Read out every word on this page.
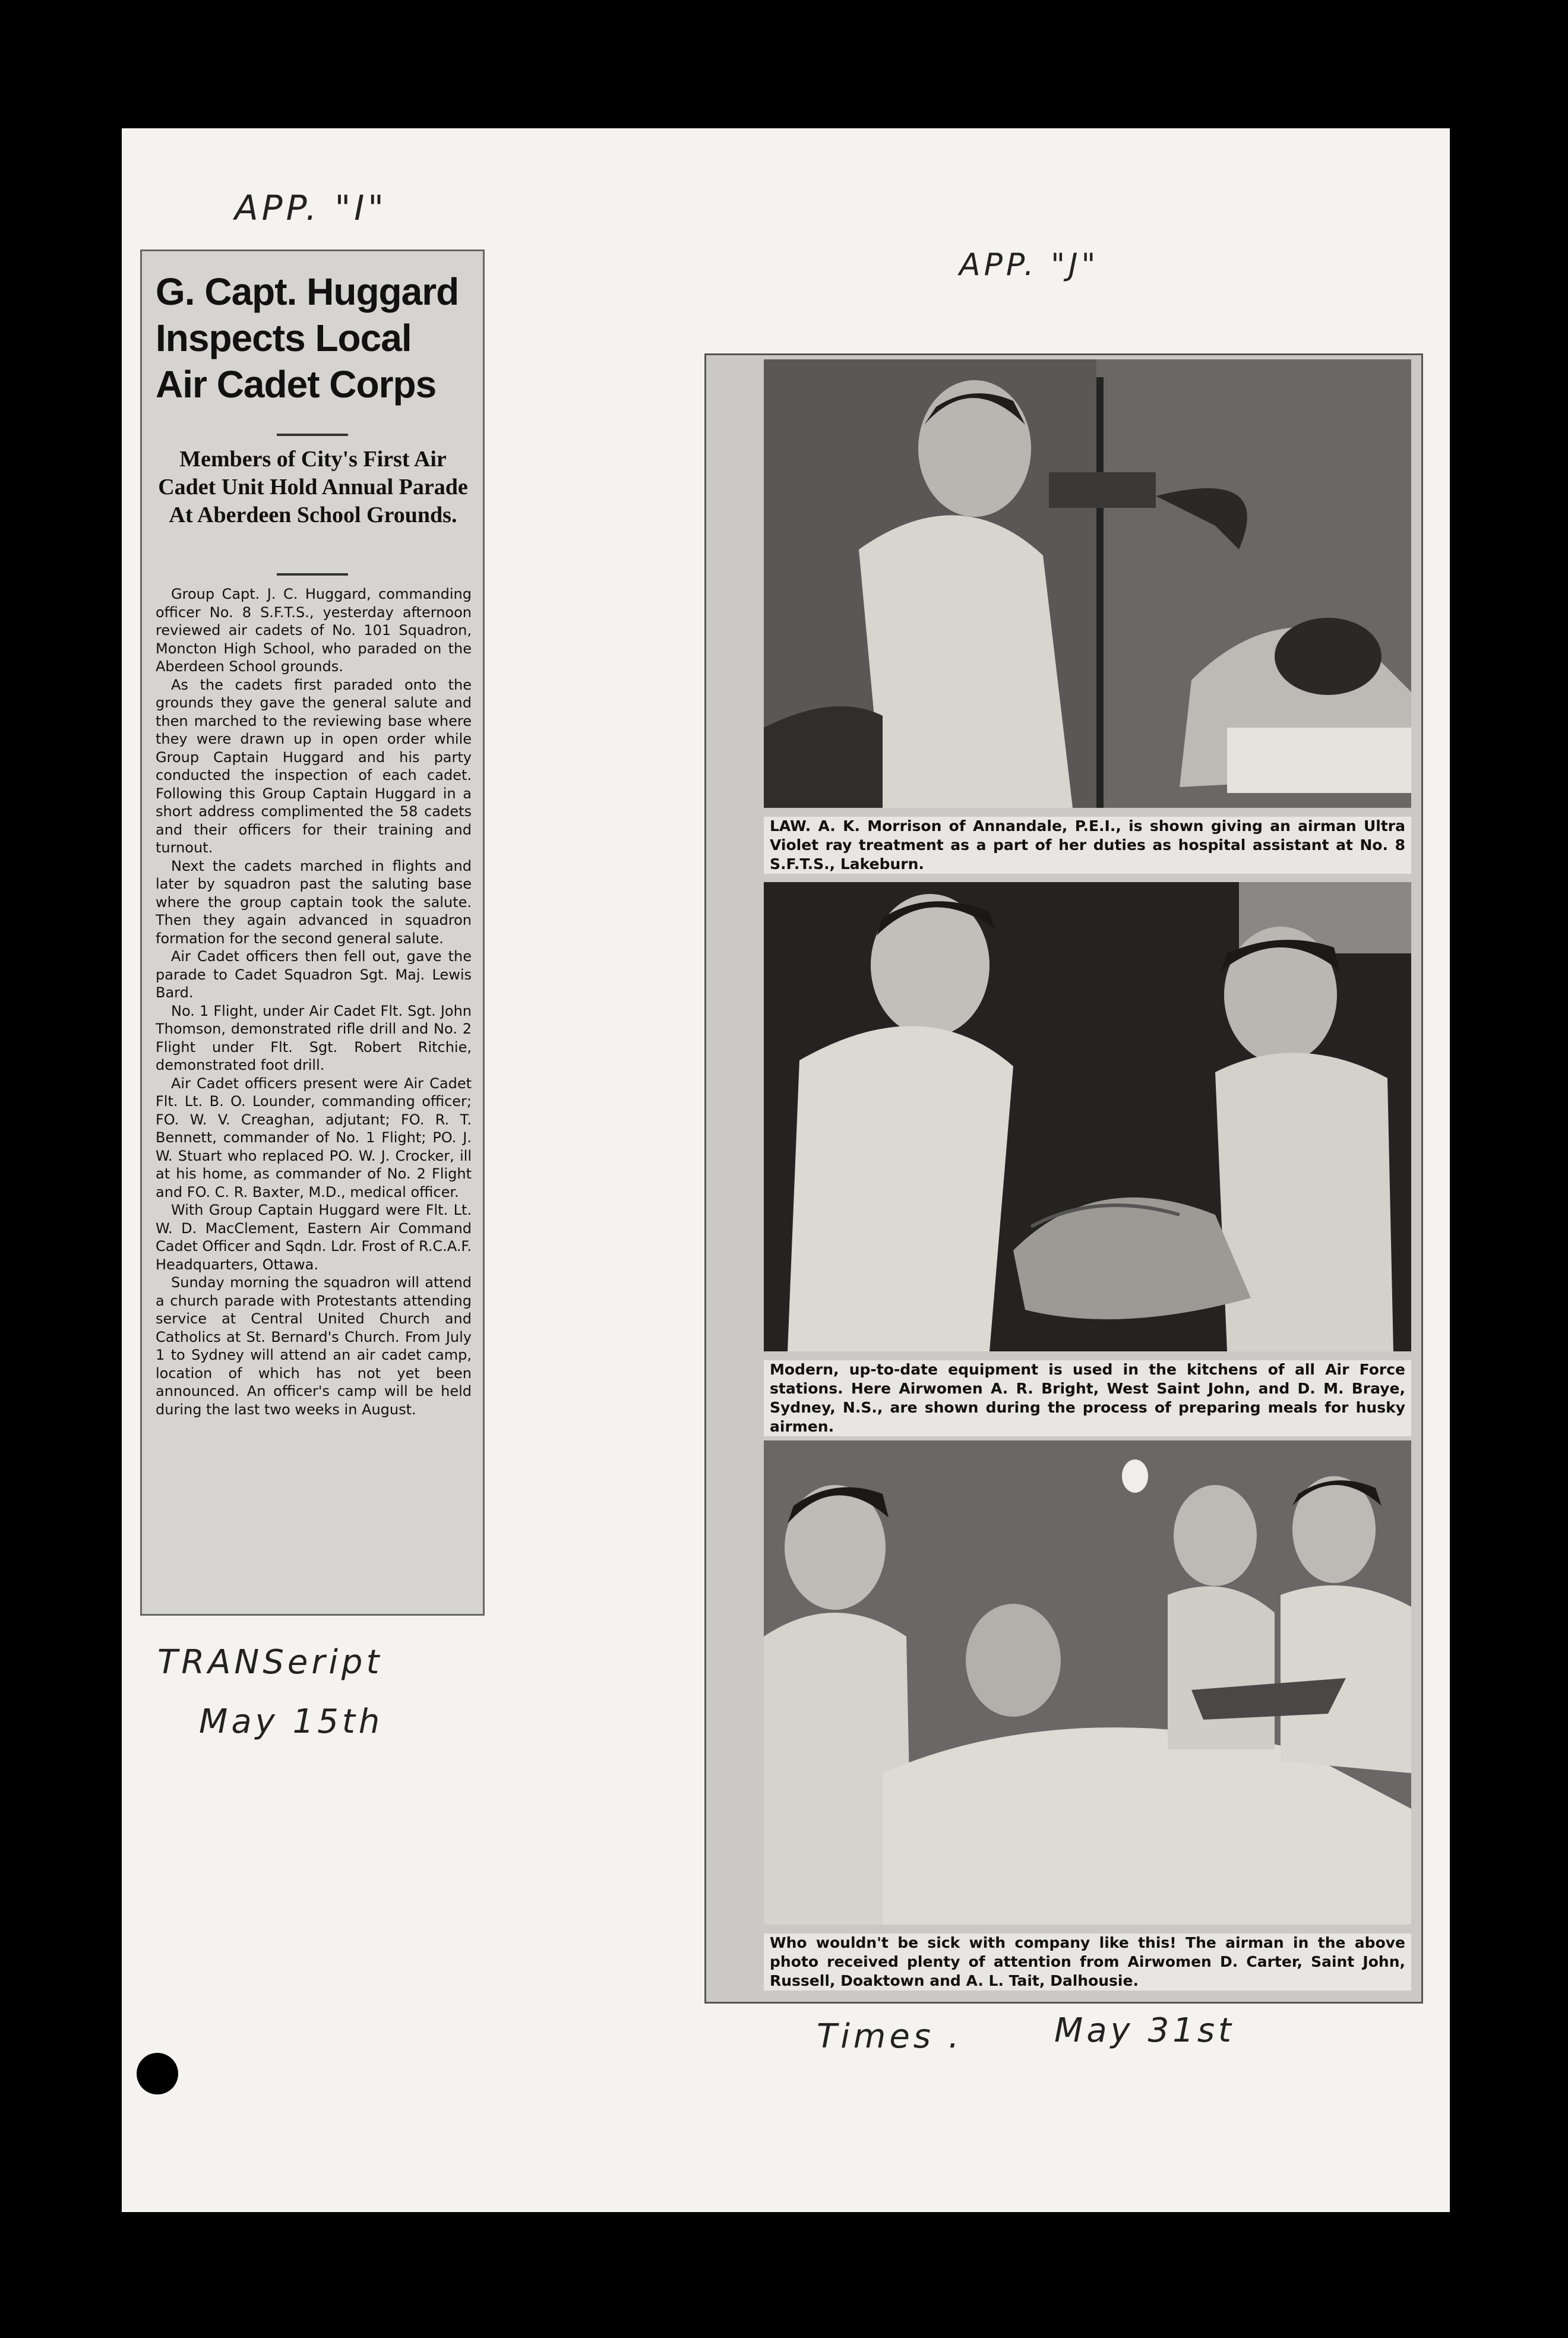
APP. "I"
APP. "J"
G. Capt. Huggard
Inspects Local
Air Cadet Corps
Members of City's First Air Cadet Unit Hold Annual Parade At Aberdeen School Grounds.

Group Capt. J. C. Huggard, commanding officer No. 8 S.F.T.S., yesterday afternoon reviewed air cadets of No. 101 Squadron, Moncton High School, who paraded on the Aberdeen School grounds.

As the cadets first paraded onto the grounds they gave the general salute and then marched to the reviewing base where they were drawn up in open order while Group Captain Huggard and his party conducted the inspection of each cadet. Following this Group Captain Huggard in a short address complimented the 58 cadets and their officers for their training and turnout.

Next the cadets marched in flights and later by squadron past the saluting base where the group captain took the salute. Then they again advanced in squadron formation for the second general salute.

Air Cadet officers then fell out, gave the parade to Cadet Squadron Sgt. Maj. Lewis Bard.

No. 1 Flight, under Air Cadet Flt. Sgt. John Thomson, demonstrated rifle drill and No. 2 Flight under Flt. Sgt. Robert Ritchie, demonstrated foot drill.

Air Cadet officers present were Air Cadet Flt. Lt. B. O. Lounder, commanding officer; FO. W. V. Creaghan, adjutant; FO. R. T. Bennett, commander of No. 1 Flight; PO. J. W. Stuart who replaced PO. W. J. Crocker, ill at his home, as commander of No. 2 Flight and FO. C. R. Baxter, M.D., medical officer.

With Group Captain Huggard were Flt. Lt. W. D. MacClement, Eastern Air Command Cadet Officer and Sqdn. Ldr. Frost of R.C.A.F. Headquarters, Ottawa.

Sunday morning the squadron will attend a church parade with Protestants attending service at Central United Church and Catholics at St. Bernard's Church. From July 1 to Sydney will attend an air cadet camp, location of which has not yet been announced. An officer's camp will be held during the last two weeks in August.

TRANSeript
May 15th
LAW. A. K. Morrison of Annandale, P.E.I., is shown giving an airman Ultra Violet ray treatment as a part of her duties as hospital assistant at No. 8 S.F.T.S., Lakeburn.
Modern, up-to-date equipment is used in the kitchens of all Air Force stations. Here Airwomen A. R. Bright, West Saint John, and D. M. Braye, Sydney, N.S., are shown during the process of preparing meals for husky airmen.
Who wouldn't be sick with company like this! The airman in the above photo received plenty of attention from Airwomen D. Carter, Saint John, Russell, Doaktown and A. L. Tait, Dalhousie.
Times .	May 31st
